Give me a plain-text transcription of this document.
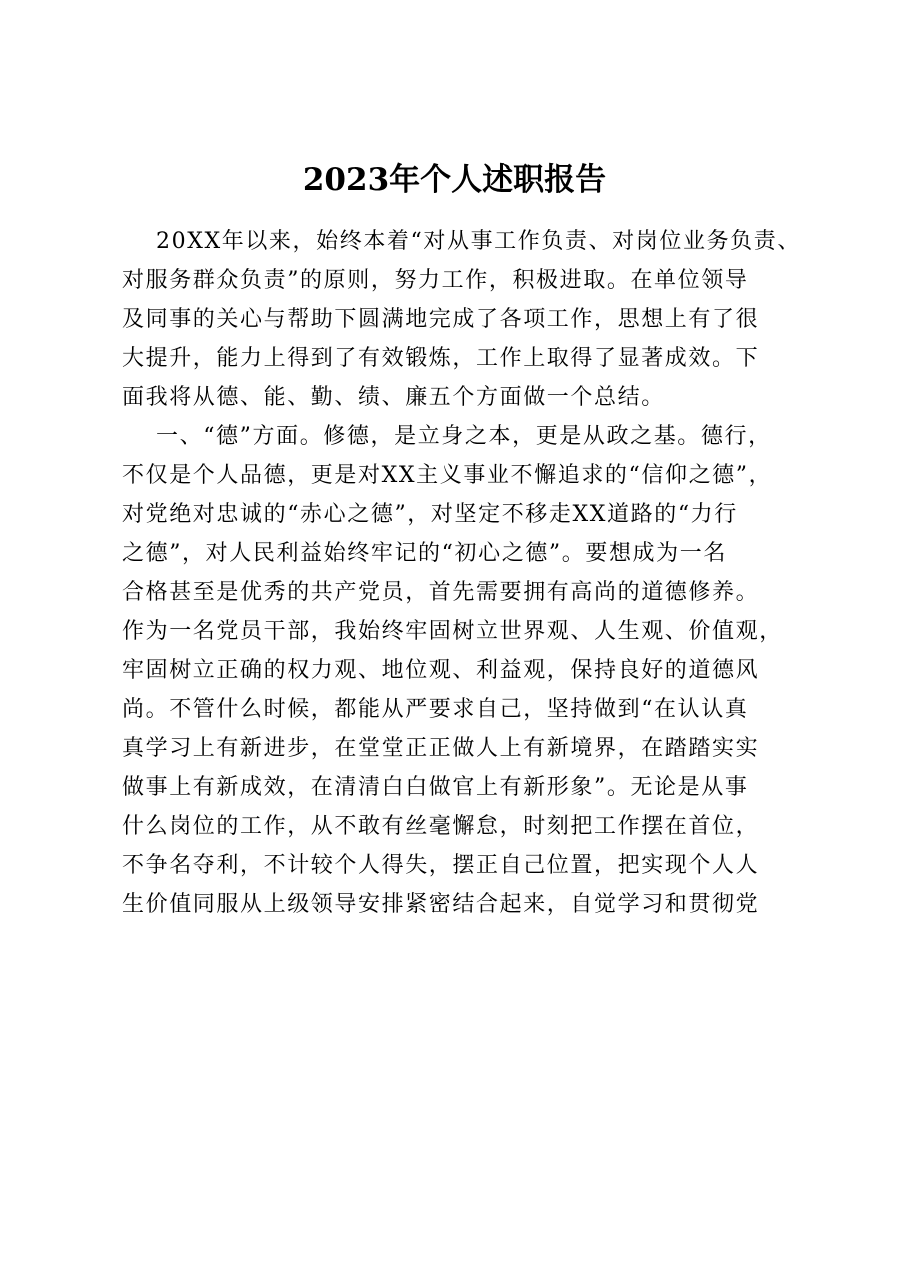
2023年个人述职报告
20XX年以来，始终本着“对从事工作负责、对岗位业务负责、
对服务群众负责”的原则，努力工作，积极进取。在单位领导
及同事的关心与帮助下圆满地完成了各项工作，思想上有了很
大提升，能力上得到了有效锻炼，工作上取得了显著成效。下
面我将从德、能、勤、绩、廉五个方面做一个总结。
一、“德”方面。修德，是立身之本，更是从政之基。德行，
不仅是个人品德，更是对XX主义事业不懈追求的“信仰之德”，
对党绝对忠诚的“赤心之德”，对坚定不移走XX道路的“力行
之德”，对人民利益始终牢记的“初心之德”。要想成为一名
合格甚至是优秀的共产党员，首先需要拥有高尚的道德修养。
作为一名党员干部，我始终牢固树立世界观、人生观、价值观，
牢固树立正确的权力观、地位观、利益观，保持良好的道德风
尚。不管什么时候，都能从严要求自己，坚持做到“在认认真
真学习上有新进步，在堂堂正正做人上有新境界，在踏踏实实
做事上有新成效，在清清白白做官上有新形象”。无论是从事
什么岗位的工作，从不敢有丝毫懈怠，时刻把工作摆在首位，
不争名夺利，不计较个人得失，摆正自己位置，把实现个人人
生价值同服从上级领导安排紧密结合起来，自觉学习和贯彻党
